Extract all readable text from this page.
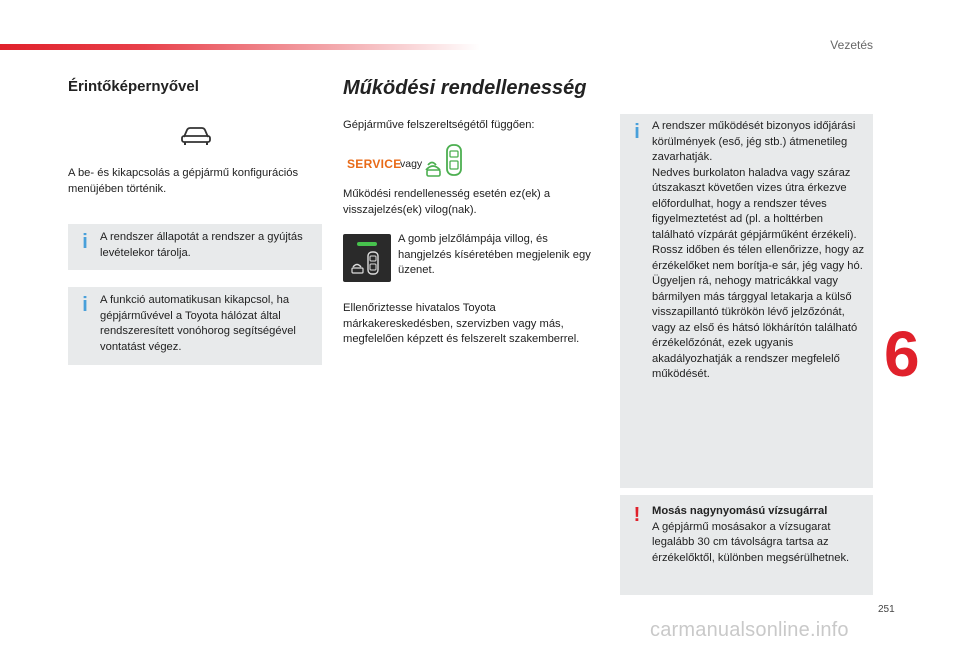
Vezetés
Érintőképernyővel

A be- és kikapcsolás a gépjármű konfigurációs menüjében történik.

i A rendszer állapotát a rendszer a gyújtás levételekor tárolja.

i A funkció automatikusan kikapcsol, ha gépjárművével a Toyota hálózat által rendszeresített vonóhorog segítségével vontatást végez.

Működési rendellenesség

Gépjárműve felszereltségétől függően:

SERVICE
vagy

Működési rendellenesség esetén ez(ek) a visszajelzés(ek) vilog(nak).

A gomb jelzőlámpája villog, és hangjelzés kíséretében megjelenik egy üzenet.

Ellenőriztesse hivatalos Toyota márkakereskedésben, szervizben vagy más, megfelelően képzett és felszerelt szakemberrel.

i A rendszer működését bizonyos időjárási körülmények (eső, jég stb.) átmenetileg zavarhatják.
Nedves burkolaton haladva vagy száraz útszakaszt követően vizes útra érkezve előfordulhat, hogy a rendszer téves figyelmeztetést ad (pl. a holttérben található vízpárát gépjárműként érzékeli).
Rossz időben és télen ellenőrizze, hogy az érzékelőket nem borítja-e sár, jég vagy hó.
Ügyeljen rá, nehogy matricákkal vagy bármilyen más tárggyal letakarja a külső visszapillantó tükrökön lévő jelzőzónát, vagy az első és hátsó lökhárítón található érzékelőzónát, ezek ugyanis akadályozhatják a rendszer megfelelő működését.

! Mosás nagynyomású vízsugárral

A gépjármű mosásakor a vízsugarat legalább 30 cm távolságra tartsa az érzékelőktől, különben megsérülhetnek.

6
251
carmanualsonline.info
